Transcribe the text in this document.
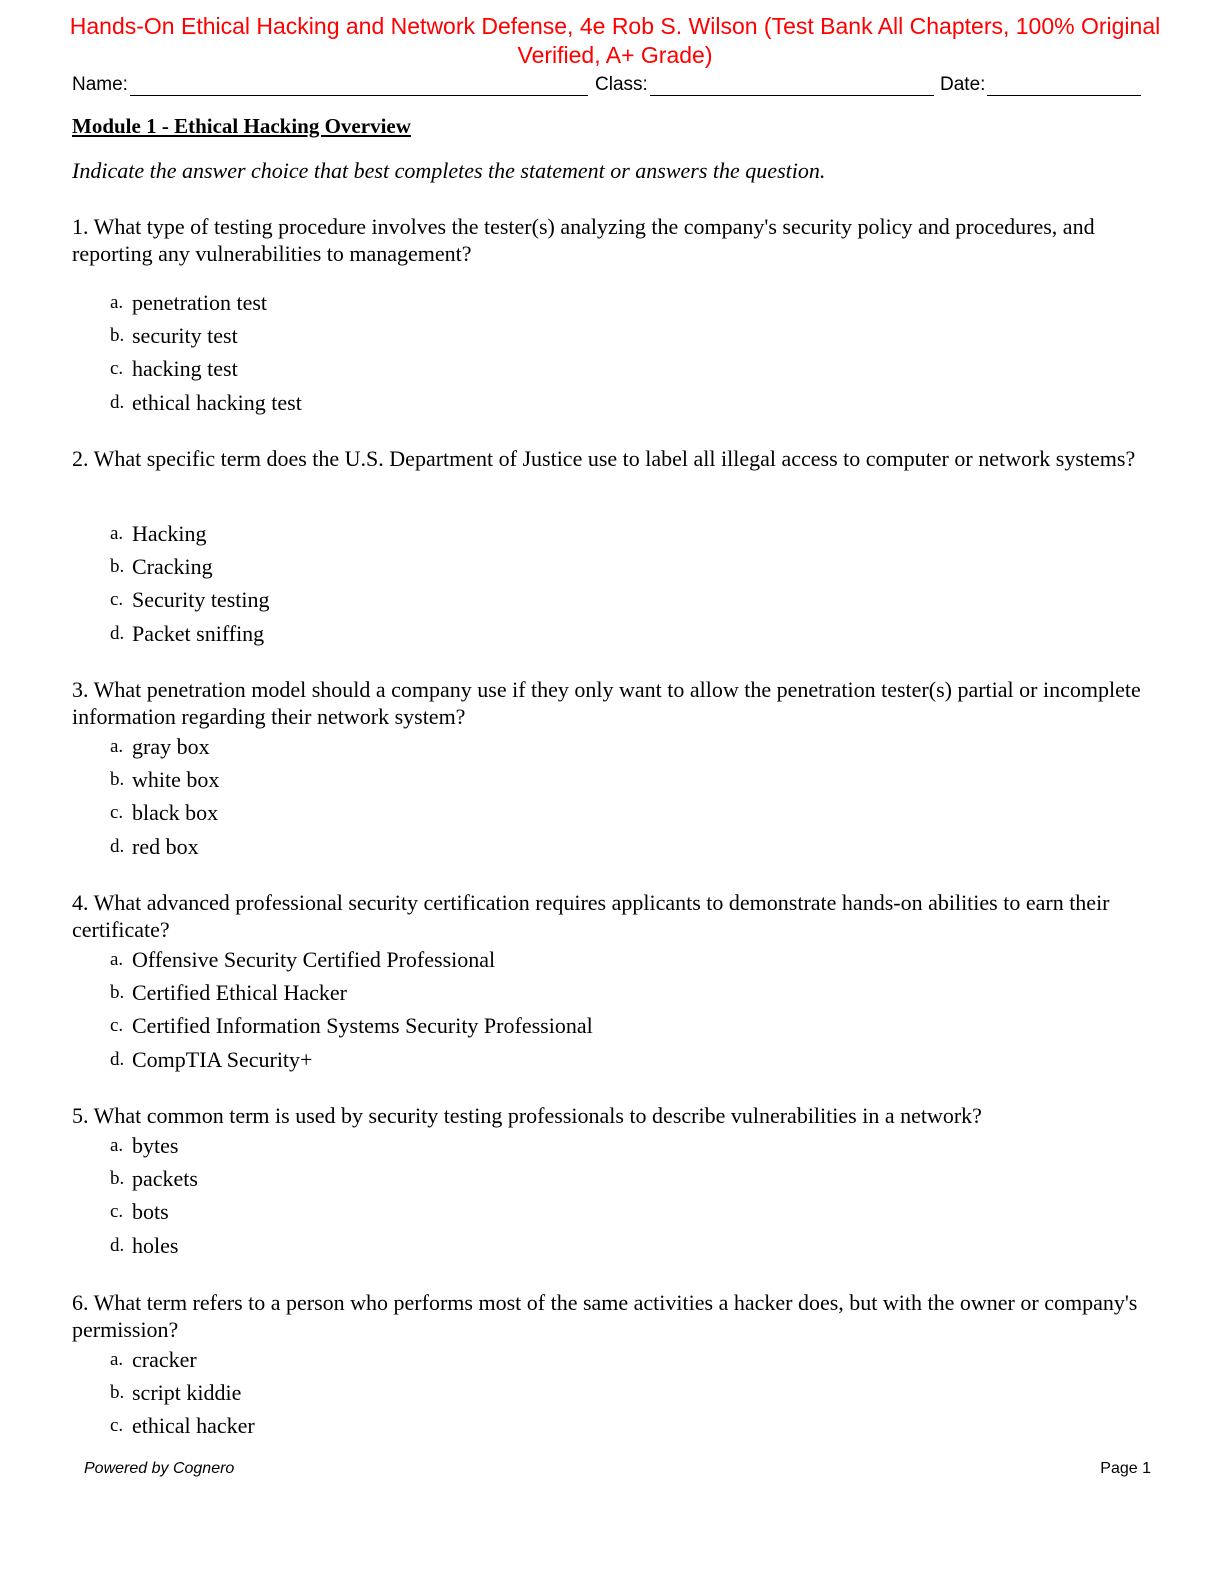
Hands-On Ethical Hacking and Network Defense, 4e Rob S. Wilson (Test Bank All Chapters, 100% Original Verified, A+ Grade)
Name:	Class:	Date:
Module 1 - Ethical Hacking Overview
Indicate the answer choice that best completes the statement or answers the question.
1. What type of testing procedure involves the tester(s) analyzing the company's security policy and procedures, and reporting any vulnerabilities to management?
a. penetration test
b. security test
c. hacking test
d. ethical hacking test
2. What specific term does the U.S. Department of Justice use to label all illegal access to computer or network systems?
a. Hacking
b. Cracking
c. Security testing
d. Packet sniffing
3. What penetration model should a company use if they only want to allow the penetration tester(s) partial or incomplete information regarding their network system?
a. gray box
b. white box
c. black box
d. red box
4. What advanced professional security certification requires applicants to demonstrate hands-on abilities to earn their certificate?
a. Offensive Security Certified Professional
b. Certified Ethical Hacker
c. Certified Information Systems Security Professional
d. CompTIA Security+
5. What common term is used by security testing professionals to describe vulnerabilities in a network?
a. bytes
b. packets
c. bots
d. holes
6. What term refers to a person who performs most of the same activities a hacker does, but with the owner or company's permission?
a. cracker
b. script kiddie
c. ethical hacker
Powered by Cognero	Page 1
